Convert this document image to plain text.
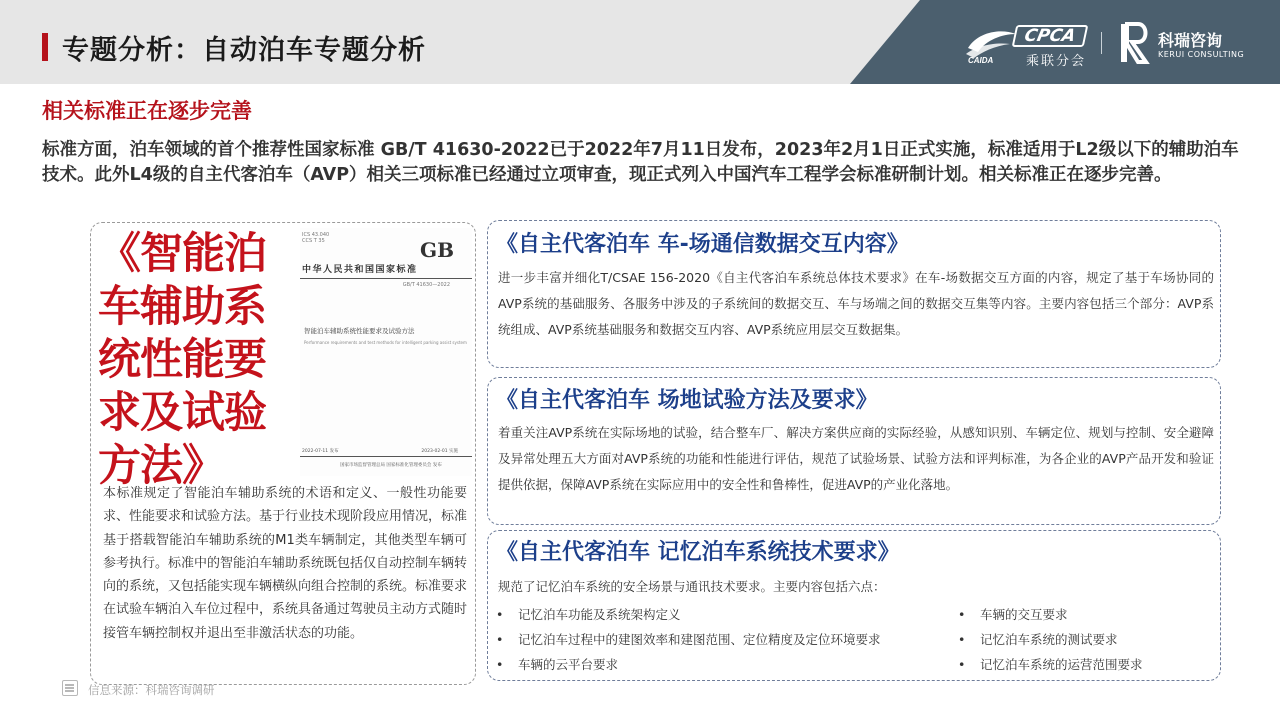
专题分析：自动泊车专题分析	CAIDA
CPCA
乘联分会
科瑞咨询
KERUI CONSULTING
相关标准正在逐步完善
标准方面，泊车领域的首个推荐性国家标准 GB/T 41630-2022已于2022年7月11日发布，2023年2月1日正式实施，标准适用于L2级以下的辅助泊车技术。此外L4级的自主代客泊车（AVP）相关三项标准已经通过立项审查，现正式列入中国汽车工程学会标准研制计划。相关标准正在逐步完善。
《智能泊车辅助系统性能要求及试验方法》
ICS 43.040
CCS T 35	GB
中华人民共和国国家标准
GB/T 41630—2022
智能泊车辅助系统性能要求及试验方法
Performance requirements and test methods for intelligent parking assist system
2022-07-11 发布	2023-02-01 实施
国家市场监督管理总局 国家标准化管理委员会 发布
本标准规定了智能泊车辅助系统的术语和定义、一般性功能要求、性能要求和试验方法。基于行业技术现阶段应用情况，标准基于搭载智能泊车辅助系统的M1类车辆制定，其他类型车辆可参考执行。标准中的智能泊车辅助系统既包括仅自动控制车辆转向的系统，又包括能实现车辆横纵向组合控制的系统。标准要求在试验车辆泊入车位过程中，系统具备通过驾驶员主动方式随时接管车辆控制权并退出至非激活状态的功能。
《自主代客泊车 车-场通信数据交互内容》
进一步丰富并细化T/CSAE 156-2020《自主代客泊车系统总体技术要求》在车-场数据交互方面的内容，规定了基于车场协同的AVP系统的基础服务、各服务中涉及的子系统间的数据交互、车与场端之间的数据交互集等内容。主要内容包括三个部分：AVP系统组成、AVP系统基础服务和数据交互内容、AVP系统应用层交互数据集。
《自主代客泊车 场地试验方法及要求》
着重关注AVP系统在实际场地的试验，结合整车厂、解决方案供应商的实际经验，从感知识别、车辆定位、规划与控制、安全避障及异常处理五大方面对AVP系统的功能和性能进行评估，规范了试验场景、试验方法和评判标准，为各企业的AVP产品开发和验证提供依据，保障AVP系统在实际应用中的安全性和鲁棒性，促进AVP的产业化落地。
《自主代客泊车 记忆泊车系统技术要求》
规范了记忆泊车系统的安全场景与通讯技术要求。主要内容包括六点：
• 记忆泊车功能及系统架构定义
• 记忆泊车过程中的建图效率和建图范围、定位精度及定位环境要求
• 车辆的云平台要求
• 车辆的交互要求
• 记忆泊车系统的测试要求
• 记忆泊车系统的运营范围要求
信息来源：科瑞咨询调研
